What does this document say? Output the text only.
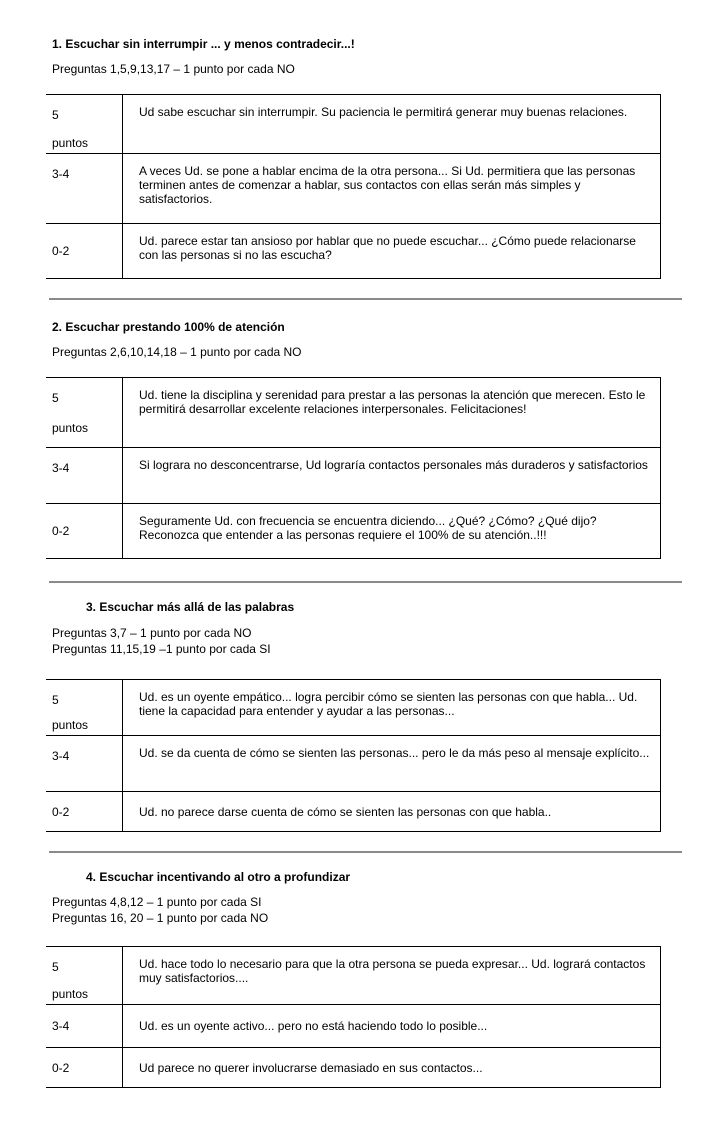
1. Escuchar sin interrumpir ... y menos contradecir...!
Preguntas 1,5,9,13,17 – 1 punto por cada NO
5
puntos	Ud sabe escuchar sin interrumpir. Su paciencia le permitirá generar muy buenas relaciones.

3-4	A veces Ud. se pone a hablar encima de la otra persona... Si Ud. permitiera que las personas terminen antes de comenzar a hablar, sus contactos con ellas serán más simples y satisfactorios.

0-2	Ud. parece estar tan ansioso por hablar que no puede escuchar... ¿Cómo puede relacionarse con las personas si no las escucha?
2. Escuchar prestando 100% de atención
Preguntas 2,6,10,14,18 – 1 punto por cada NO
5
puntos	Ud. tiene la disciplina y serenidad para prestar a las personas la atención que merecen. Esto le permitirá desarrollar excelente relaciones interpersonales. Felicitaciones!

3-4	Si lograra no desconcentrarse, Ud lograría contactos personales más duraderos y satisfactorios

0-2	Seguramente Ud. con frecuencia se encuentra diciendo... ¿Qué? ¿Cómo? ¿Qué dijo? Reconozca que entender a las personas requiere el 100% de su atención..!!!
3. Escuchar más allá de las palabras
Preguntas 3,7 – 1 punto por cada NO
Preguntas 11,15,19 –1 punto por cada SI
5
puntos	Ud. es un oyente empático... logra percibir cómo se sienten las personas con que habla... Ud. tiene la capacidad para entender y ayudar a las personas...

3-4	Ud. se da cuenta de cómo se sienten las personas... pero le da más peso al mensaje explícito...

0-2	Ud. no parece darse cuenta de cómo se sienten las personas con que habla..
4. Escuchar incentivando al otro a profundizar
Preguntas 4,8,12 – 1 punto por cada SI
Preguntas 16, 20 – 1 punto por cada NO
5
puntos	Ud. hace todo lo necesario para que la otra persona se pueda expresar... Ud. logrará contactos muy satisfactorios....

3-4	Ud. es un oyente activo... pero no está haciendo todo lo posible...

0-2	Ud parece no querer involucrarse demasiado en sus contactos...
